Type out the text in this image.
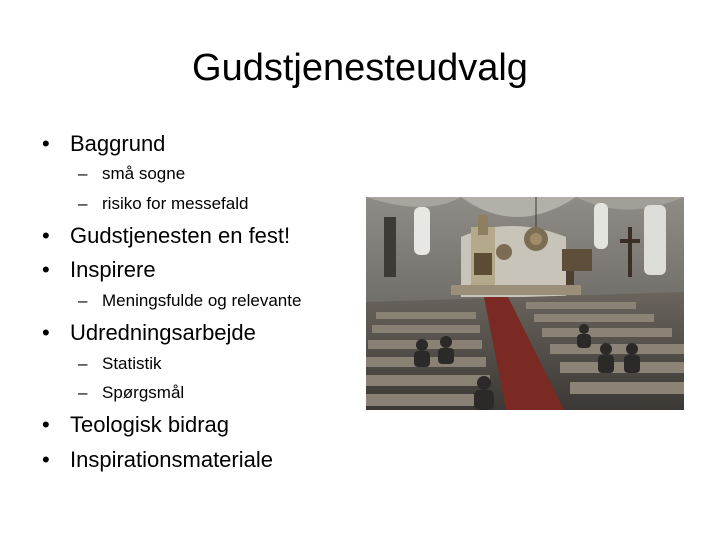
Gudstjenesteudvalg
• Baggrund
– små sogne
– risiko for messefald
• Gudstjenesten en fest!
• Inspirere
– Meningsfulde og relevante
• Udredningsarbejde
– Statistik
– Spørgsmål
• Teologisk bidrag
• Inspirationsmateriale
